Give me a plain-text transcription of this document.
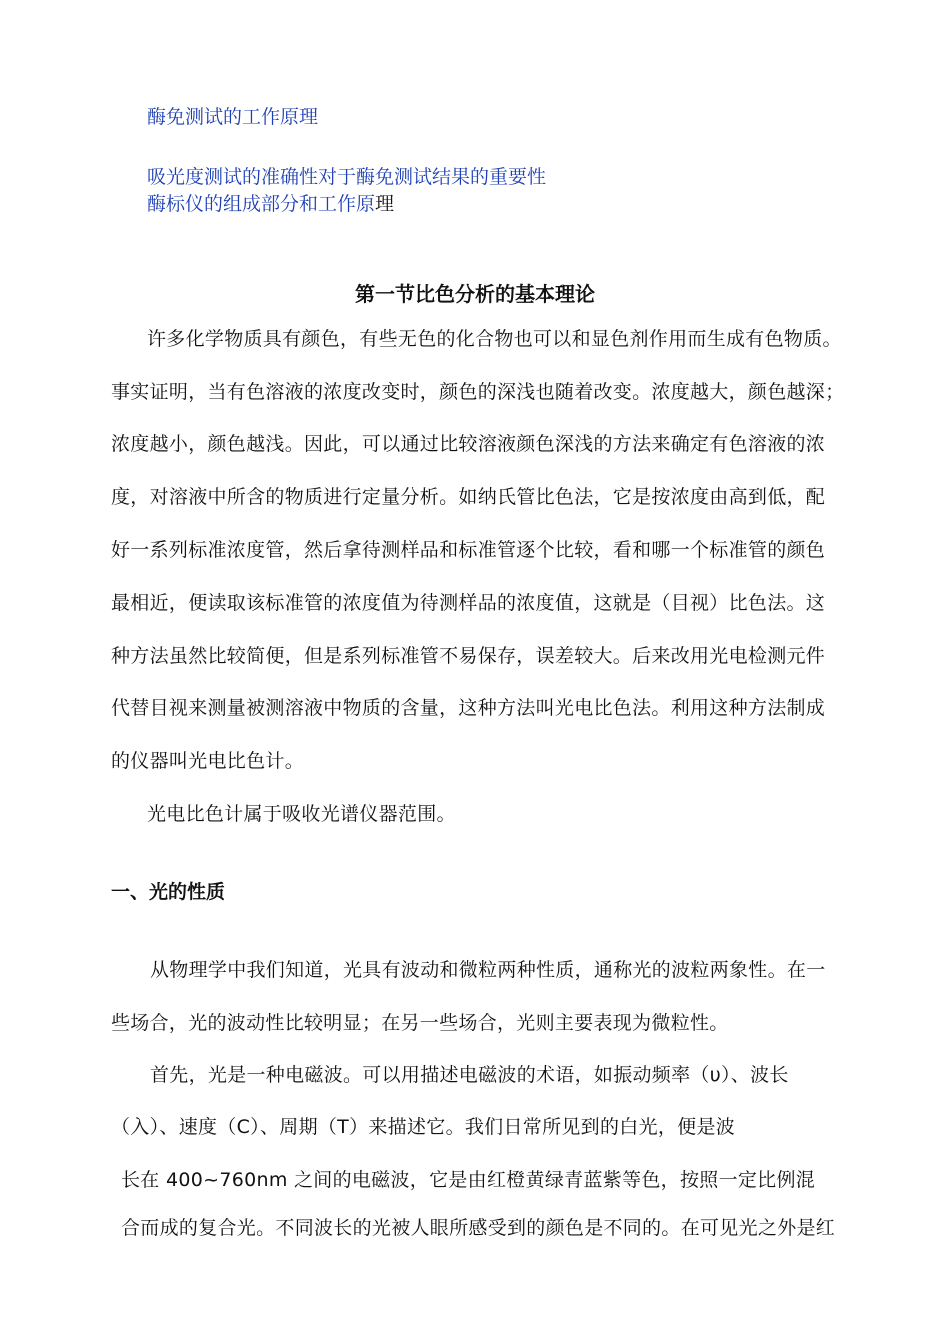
酶免测试的工作原理
吸光度测试的准确性对于酶免测试结果的重要性
酶标仪的组成部分和工作原理
第一节比色分析的基本理论
许多化学物质具有颜色，有些无色的化合物也可以和显色剂作用而生成有色物质。
事实证明，当有色溶液的浓度改变时，颜色的深浅也随着改变。浓度越大，颜色越深；
浓度越小，颜色越浅。因此，可以通过比较溶液颜色深浅的方法来确定有色溶液的浓
度，对溶液中所含的物质进行定量分析。如纳氏管比色法，它是按浓度由高到低，配
好一系列标准浓度管，然后拿待测样品和标准管逐个比较，看和哪一个标准管的颜色
最相近，便读取该标准管的浓度值为待测样品的浓度值，这就是（目视）比色法。这
种方法虽然比较简便，但是系列标准管不易保存，误差较大。后来改用光电检测元件
代替目视来测量被测溶液中物质的含量，这种方法叫光电比色法。利用这种方法制成
的仪器叫光电比色计。
光电比色计属于吸收光谱仪器范围。
一、光的性质
从物理学中我们知道，光具有波动和微粒两种性质，通称光的波粒两象性。在一
些场合，光的波动性比较明显；在另一些场合，光则主要表现为微粒性。
首先，光是一种电磁波。可以用描述电磁波的术语，如振动频率（υ）、波长
（入）、速度（C）、周期（T）来描述它。我们日常所见到的白光，便是波
长在 400~760nm 之间的电磁波，它是由红橙黄绿青蓝紫等色，按照一定比例混
合而成的复合光。不同波长的光被人眼所感受到的颜色是不同的。在可见光之外是红
